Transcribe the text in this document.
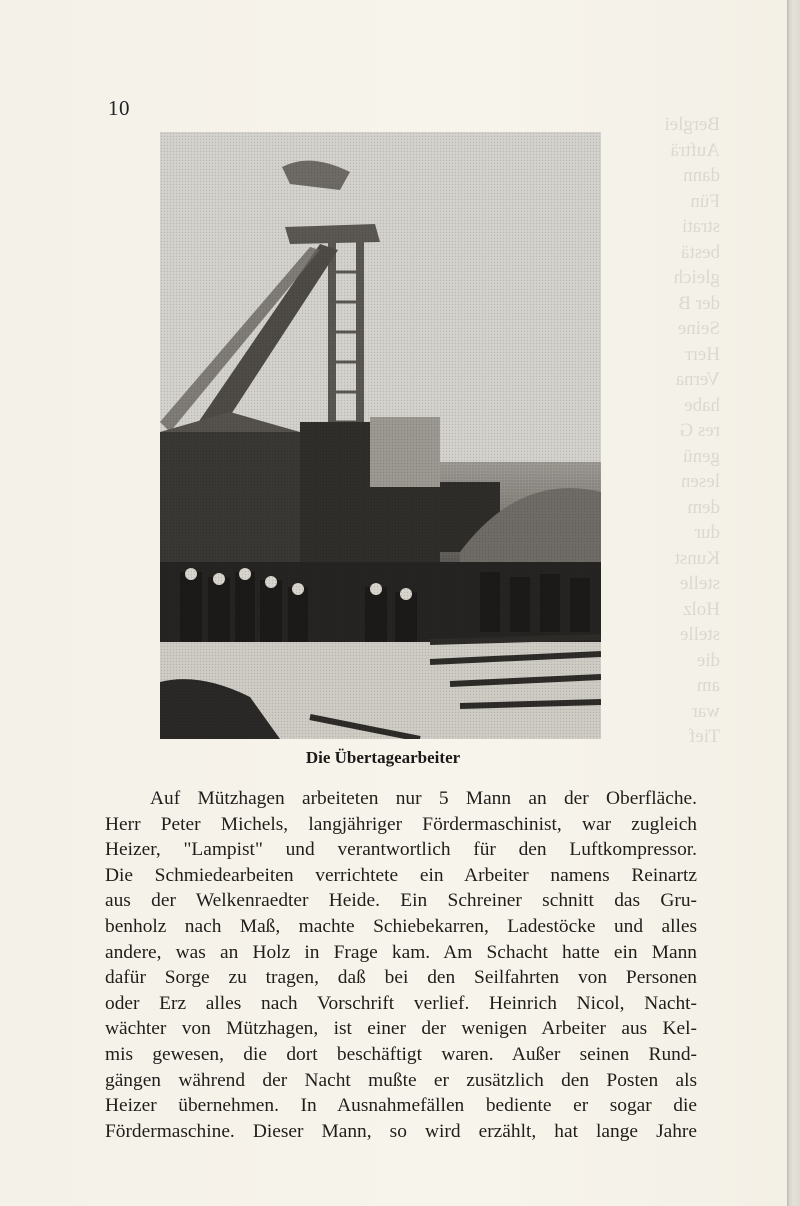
Berglei
Aufträ
dann
Fün
strati
bestä
gleich
der B
Seine
Herr
Verna
habe
res G
genü
lesen
dem
dur
Kunst
stelle
Holz
stelle
die
am
war
Tief
10
Die Übertagearbeiter
Auf Mützhagen arbeiteten nur 5 Mann an der Oberfläche.
Herr Peter Michels, langjähriger Fördermaschinist, war zugleich
Heizer, "Lampist" und verantwortlich für den Luftkompressor.
Die Schmiedearbeiten verrichtete ein Arbeiter namens Reinartz
aus der Welkenraedter Heide. Ein Schreiner schnitt das Gru-
benholz nach Maß, machte Schiebekarren, Ladestöcke und alles
andere, was an Holz in Frage kam. Am Schacht hatte ein Mann
dafür Sorge zu tragen, daß bei den Seilfahrten von Personen
oder Erz alles nach Vorschrift verlief. Heinrich Nicol, Nacht-
wächter von Mützhagen, ist einer der wenigen Arbeiter aus Kel-
mis gewesen, die dort beschäftigt waren. Außer seinen Rund-
gängen während der Nacht mußte er zusätzlich den Posten als
Heizer übernehmen. In Ausnahmefällen bediente er sogar die
Fördermaschine. Dieser Mann, so wird erzählt, hat lange Jahre
